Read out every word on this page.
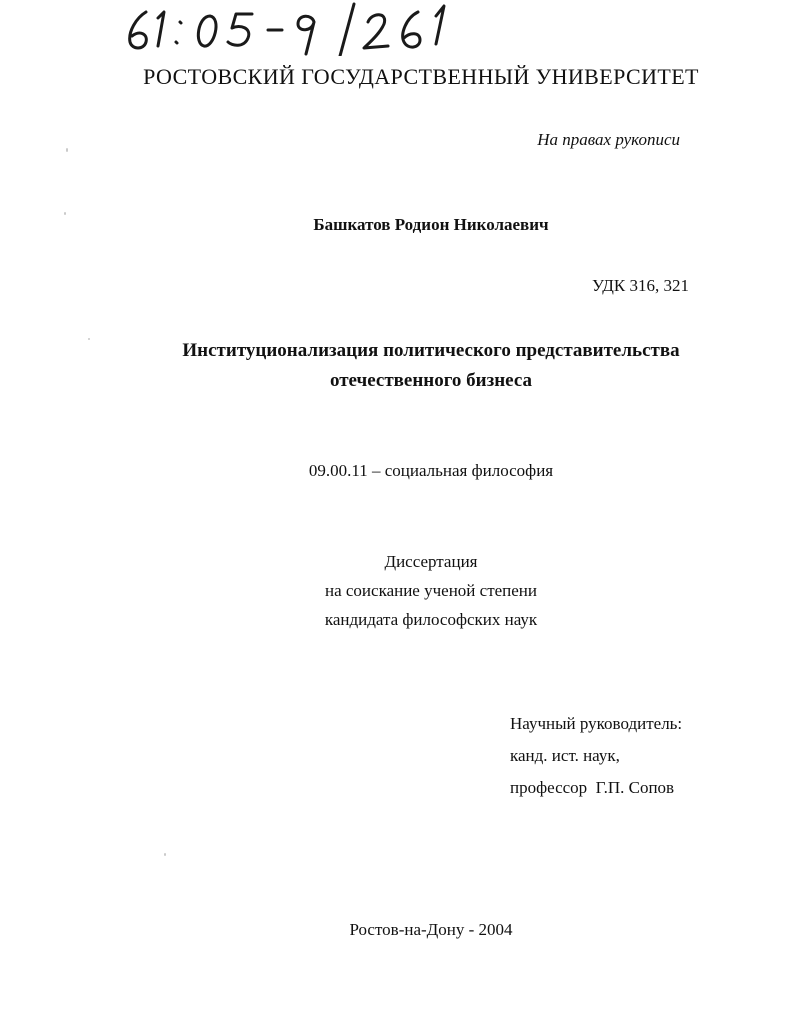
РОСТОВСКИЙ ГОСУДАРСТВЕННЫЙ УНИВЕРСИТЕТ
На правах рукописи
Башкатов Родион Николаевич
УДК 316, 321
Институционализация политического представительства
отечественного бизнеса
09.00.11 – социальная философия
Диссертация
на соискание ученой степени
кандидата философских наук
Научный руководитель:
канд. ист. наук,
профессор  Г.П. Сопов
Ростов-на-Дону - 2004
